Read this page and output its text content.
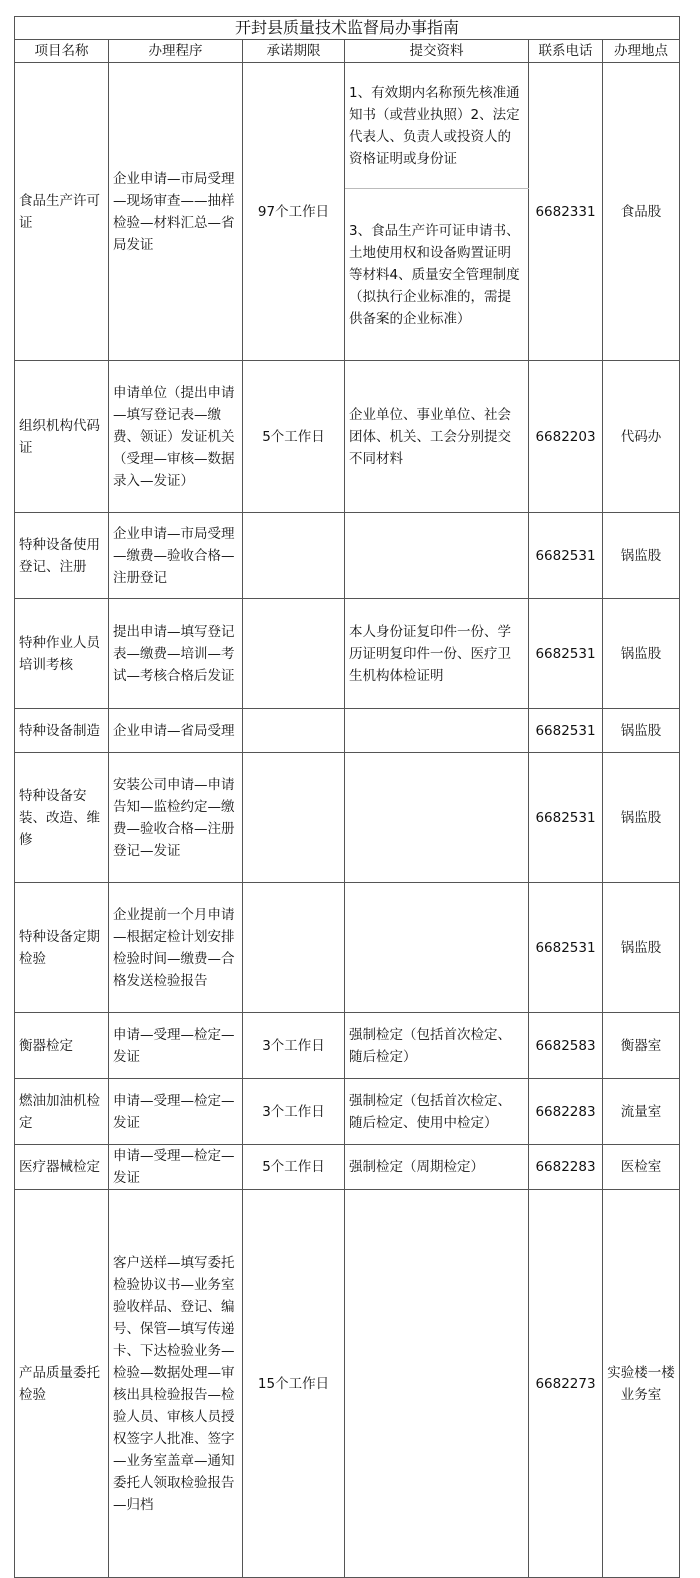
开封县质量技术监督局办事指南					
项目名称	办理程序	承诺期限	提交资料	联系电话	办理地点
食品生产许可证	企业申请—市局受理—现场审查——抽样检验—材料汇总—省局发证	97个工作日	1、有效期内名称预先核准通知书（或营业执照）2、法定代表人、负责人或投资人的资格证明或身份证	6682331	食品股
			3、食品生产许可证申请书、土地使用权和设备购置证明等材料4、质量安全管理制度（拟执行企业标准的，需提供备案的企业标准）		
组织机构代码证	申请单位（提出申请—填写登记表—缴费、领证）发证机关（受理—审核—数据录入—发证）	5个工作日	企业单位、事业单位、社会团体、机关、工会分别提交不同材料	6682203	代码办
特种设备使用登记、注册	企业申请—市局受理—缴费—验收合格—注册登记			6682531	锅监股
特种作业人员培训考核	提出申请—填写登记表—缴费—培训—考试—考核合格后发证		本人身份证复印件一份、学历证明复印件一份、医疗卫生机构体检证明	6682531	锅监股
特种设备制造	企业申请—省局受理			6682531	锅监股
特种设备安装、改造、维修	安装公司申请—申请告知—监检约定—缴费—验收合格—注册登记—发证			6682531	锅监股
特种设备定期检验	企业提前一个月申请—根据定检计划安排检验时间—缴费—合格发送检验报告			6682531	锅监股
衡器检定	申请—受理—检定—发证	3个工作日	强制检定（包括首次检定、随后检定）	6682583	衡器室
燃油加油机检定	申请—受理—检定—发证	3个工作日	强制检定（包括首次检定、随后检定、使用中检定）	6682283	流量室
医疗器械检定	申请—受理—检定—发证	5个工作日	强制检定（周期检定）	6682283	医检室
产品质量委托检验	客户送样—填写委托检验协议书—业务室验收样品、登记、编号、保管—填写传递卡、下达检验业务—检验—数据处理—审核出具检验报告—检验人员、审核人员授权签字人批准、签字—业务室盖章—通知委托人领取检验报告—归档	15个工作日		6682273	实验楼一楼业务室
